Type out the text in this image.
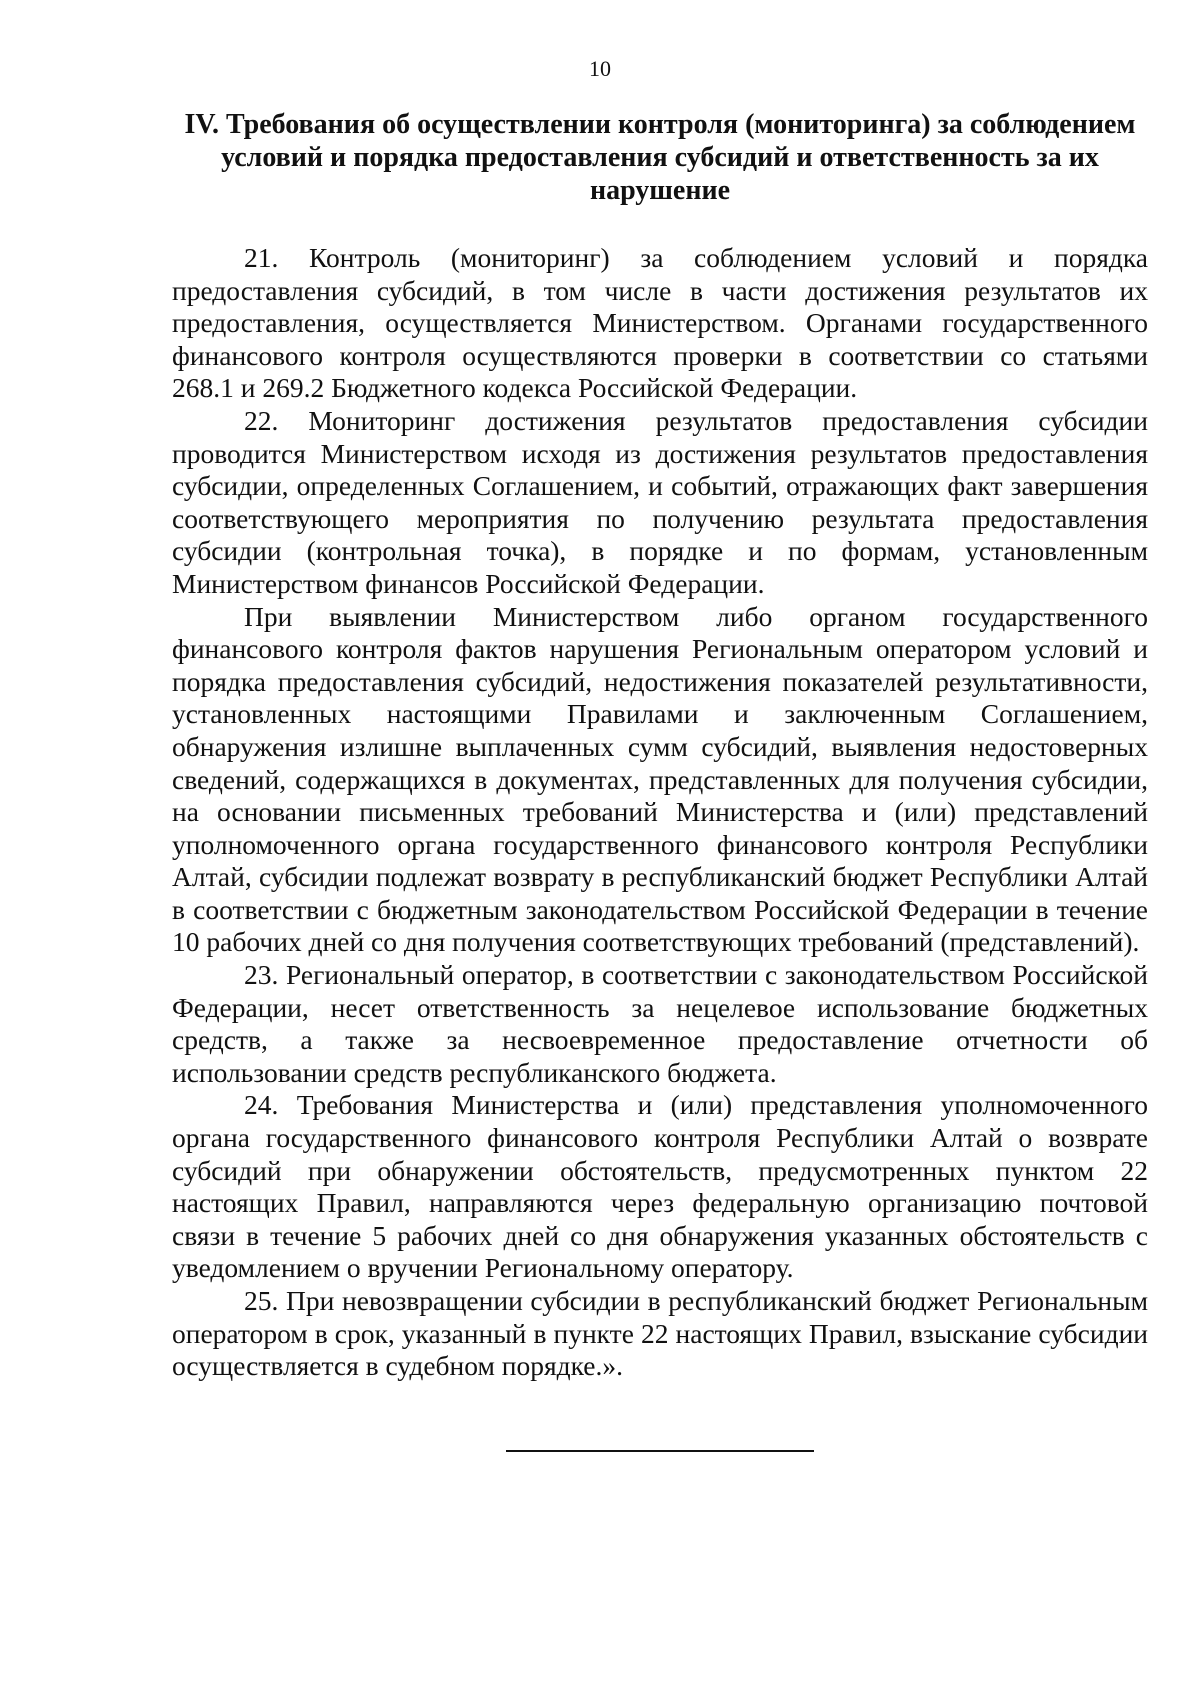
10
IV. Требования об осуществлении контроля (мониторинга) за соблюдением условий и порядка предоставления субсидий и ответственность за их нарушение

21. Контроль (мониторинг) за соблюдением условий и порядка предоставления субсидий, в том числе в части достижения результатов их предоставления, осуществляется Министерством. Органами государственного финансового контроля осуществляются проверки в соответствии со статьями 268.1 и 269.2 Бюджетного кодекса Российской Федерации.

22. Мониторинг достижения результатов предоставления субсидии проводится Министерством исходя из достижения результатов предоставления субсидии, определенных Соглашением, и событий, отражающих факт завершения соответствующего мероприятия по получению результата предоставления субсидии (контрольная точка), в порядке и по формам, установленным Министерством финансов Российской Федерации.

При выявлении Министерством либо органом государственного финансового контроля фактов нарушения Региональным оператором условий и порядка предоставления субсидий, недостижения показателей результативности, установленных настоящими Правилами и заключенным Соглашением, обнаружения излишне выплаченных сумм субсидий, выявления недостоверных сведений, содержащихся в документах, представленных для получения субсидии, на основании письменных требований Министерства и (или) представлений уполномоченного органа государственного финансового контроля Республики Алтай, субсидии подлежат возврату в республиканский бюджет Республики Алтай в соответствии с бюджетным законодательством Российской Федерации в течение 10 рабочих дней со дня получения соответствующих требований (представлений).

23. Региональный оператор, в соответствии с законодательством Российской Федерации, несет ответственность за нецелевое использование бюджетных средств, а также за несвоевременное предоставление отчетности об использовании средств республиканского бюджета.

24. Требования Министерства и (или) представления уполномоченного органа государственного финансового контроля Республики Алтай о возврате субсидий при обнаружении обстоятельств, предусмотренных пунктом 22 настоящих Правил, направляются через федеральную организацию почтовой связи в течение 5 рабочих дней со дня обнаружения указанных обстоятельств с уведомлением о вручении Региональному оператору.

25. При невозвращении субсидии в республиканский бюджет Региональным оператором в срок, указанный в пункте 22 настоящих Правил, взыскание субсидии осуществляется в судебном порядке.».
